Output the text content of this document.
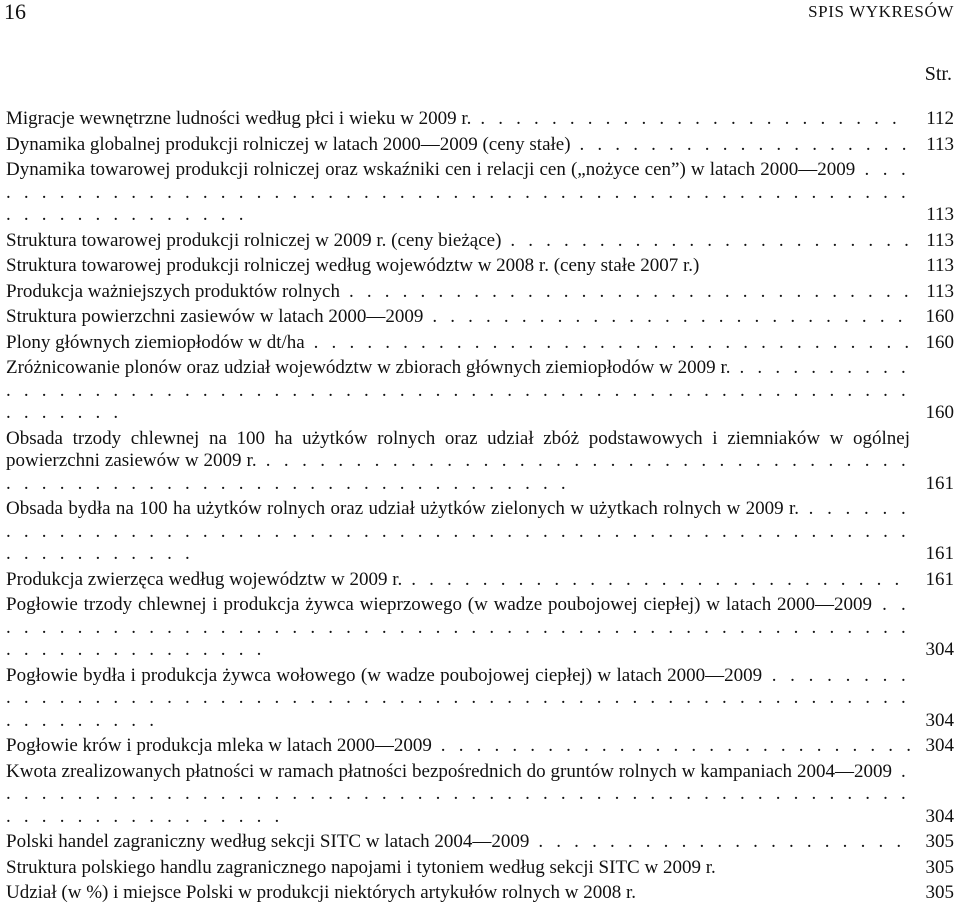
16	SPIS WYKRESÓW
Str.
Migracje wewnętrzne ludności według płci i wieku w 2009 r. . . .	112
Dynamika globalnej produkcji rolniczej w latach 2000—2009 (ceny stałe) . . .	113
Dynamika towarowej produkcji rolniczej oraz wskaźniki cen i relacji cen („nożyce cen”) w latach 2000—2009 . . .
113
Struktura towarowej produkcji rolniczej w 2009 r. (ceny bieżące) . . .	113
Struktura towarowej produkcji rolniczej według województw w 2008 r. (ceny stałe 2007 r.)	113
Produkcja ważniejszych produktów rolnych . . .	113
Struktura powierzchni zasiewów w latach 2000—2009 . . .	160
Plony głównych ziemiopłodów w dt/ha . . .	160
Zróżnicowanie plonów oraz udział województw w zbiorach głównych ziemiopłodów w 2009 r. . . .
160
Obsada trzody chlewnej na 100 ha użytków rolnych oraz udział zbóż podstawowych i ziemniaków w ogólnej powierzchni zasiewów w 2009 r. . . .
161
Obsada bydła na 100 ha użytków rolnych oraz udział użytków zielonych w użytkach rolnych w 2009 r. . . .
161
Produkcja zwierzęca według województw w 2009 r. . . .	161
Pogłowie trzody chlewnej i produkcja żywca wieprzowego (w wadze poubojowej ciepłej) w latach 2000—2009 . . .
304
Pogłowie bydła i produkcja żywca wołowego (w wadze poubojowej ciepłej) w latach 2000—2009 . . .
304
Pogłowie krów i produkcja mleka w latach 2000—2009 . . .	304
Kwota zrealizowanych płatności w ramach płatności bezpośrednich do gruntów rolnych w kampaniach 2004—2009 . . .
304
Polski handel zagraniczny według sekcji SITC w latach 2004—2009 . . .	305
Struktura polskiego handlu zagranicznego napojami i tytoniem według sekcji SITC w 2009 r.	305
Udział (w %) i miejsce Polski w produkcji niektórych artykułów rolnych w 2008 r.	305
